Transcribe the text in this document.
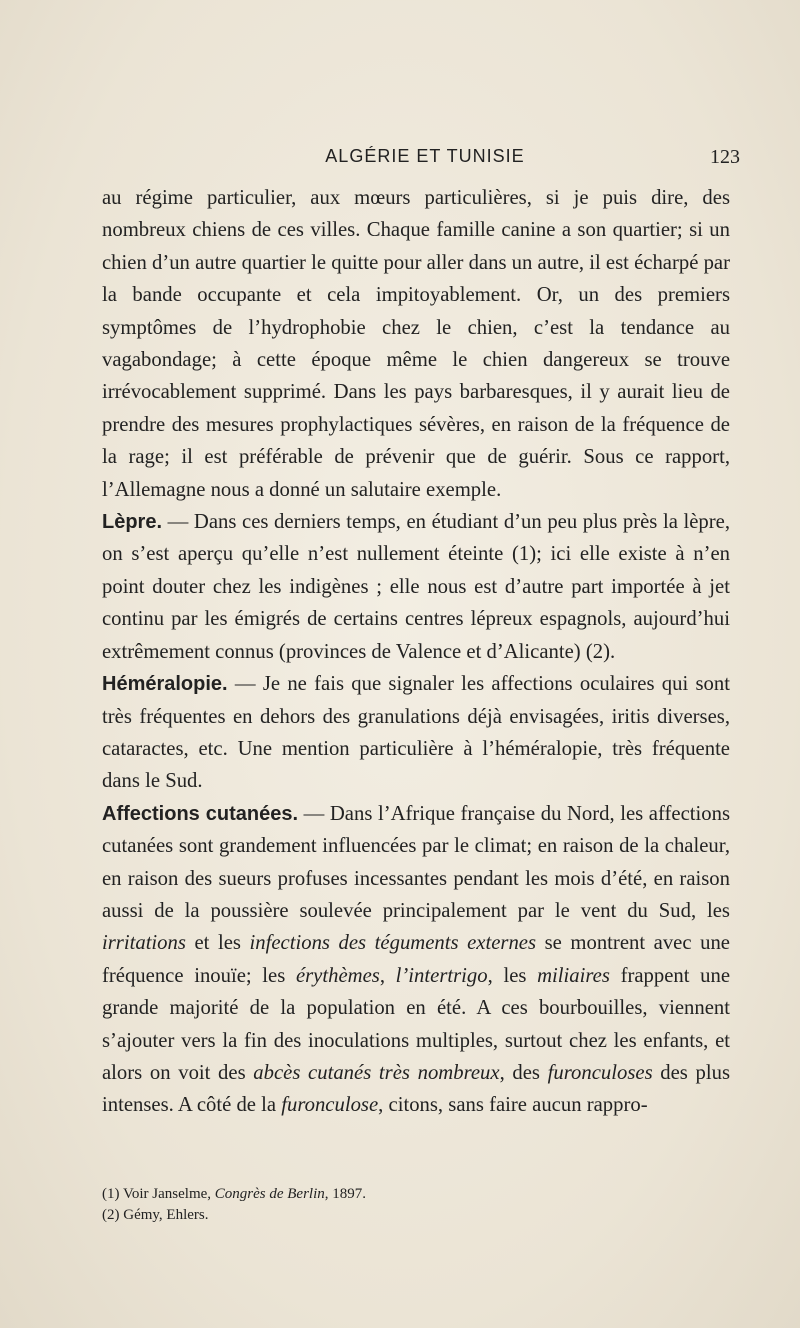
ALGÉRIE ET TUNISIE	123

au régime particulier, aux mœurs particulières, si je puis dire, des nombreux chiens de ces villes. Chaque famille canine a son quartier; si un chien d’un autre quartier le quitte pour aller dans un autre, il est écharpé par la bande occupante et cela impitoyablement. Or, un des premiers symptômes de l’hydrophobie chez le chien, c’est la tendance au vagabondage; à cette époque même le chien dangereux se trouve irrévocablement supprimé. Dans les pays barbaresques, il y aurait lieu de prendre des mesures prophylactiques sévères, en raison de la fréquence de la rage; il est préférable de prévenir que de guérir. Sous ce rapport, l’Allemagne nous a donné un salutaire exemple.

Lèpre. — Dans ces derniers temps, en étudiant d’un peu plus près la lèpre, on s’est aperçu qu’elle n’est nullement éteinte (1); ici elle existe à n’en point douter chez les indigènes ; elle nous est d’autre part importée à jet continu par les émigrés de certains centres lépreux espagnols, aujourd’hui extrêmement connus (provinces de Valence et d’Alicante) (2).

Héméralopie. — Je ne fais que signaler les affections oculaires qui sont très fréquentes en dehors des granulations déjà envisagées, iritis diverses, cataractes, etc. Une mention particulière à l’héméralopie, très fréquente dans le Sud.

Affections cutanées. — Dans l’Afrique française du Nord, les affections cutanées sont grandement influencées par le climat; en raison de la chaleur, en raison des sueurs profuses incessantes pendant les mois d’été, en raison aussi de la poussière soulevée principalement par le vent du Sud, les irritations et les infections des téguments externes se montrent avec une fréquence inouïe; les érythèmes, l’intertrigo, les miliaires frappent une grande majorité de la population en été. A ces bourbouilles, viennent s’ajouter vers la fin des inoculations multiples, surtout chez les enfants, et alors on voit des abcès cutanés très nombreux, des furonculoses des plus intenses. A côté de la furonculose, citons, sans faire aucun rappro-

(1) Voir Janselme, Congrès de Berlin, 1897.

(2) Gémy, Ehlers.
